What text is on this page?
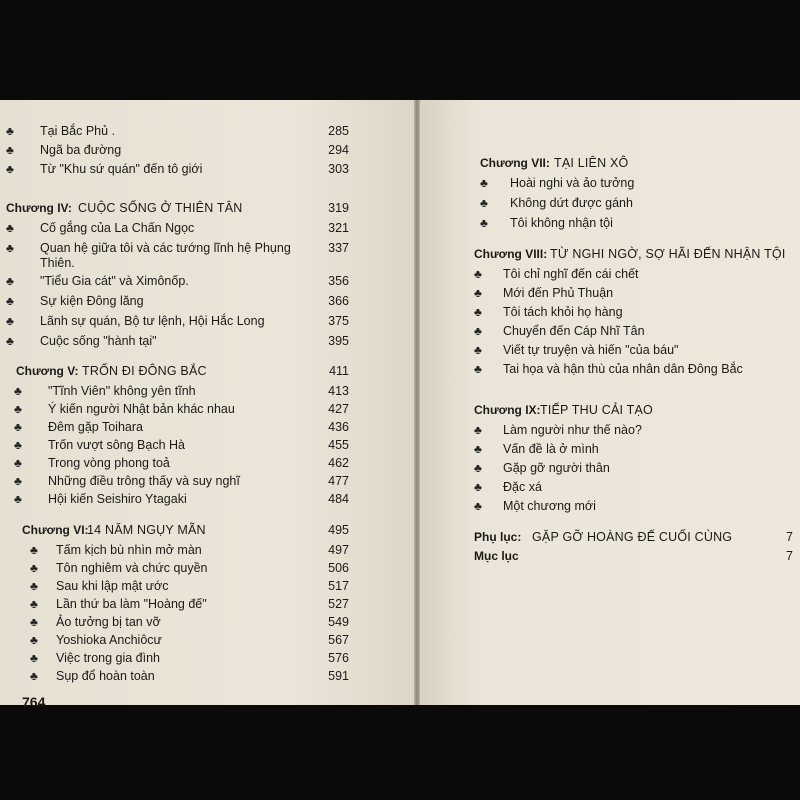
♣ Tại Bắc Phủ .	285
♣ Ngã ba đường	294
♣ Từ "Khu sứ quán" đến tô giới	303
Chương IV: CUỘC SỐNG Ở THIÊN TÂN	319
♣ Cố gắng của La Chấn Ngọc	321
♣ Quan hệ giữa tôi và các tướng lĩnh hệ Phụng	337
Thiên.
♣ "Tiểu Gia cát" và Ximônốp.	356
♣ Sự kiện Đông lăng	366
♣ Lãnh sự quán, Bộ tư lệnh, Hội Hắc Long	375
♣ Cuộc sống "hành tại"	395
Chương V: TRỐN ĐI ĐÔNG BẮC	411
♣ "Tĩnh Viên" không yên tĩnh	413
♣ Ý kiến người Nhật bản khác nhau	427
♣ Đêm gặp Toihara	436
♣ Trốn vượt sông Bạch Hà	455
♣ Trong vòng phong toả	462
♣ Những điều trông thấy và suy nghĩ	477
♣ Hội kiến Seishiro Ytagaki	484
Chương VI:
14 NĂM NGỤY MÃN	495
♣ Tấm kịch bù nhìn mở màn	497
♣ Tôn nghiêm và chức quyền	506
♣ Sau khi lập mật ước	517
♣ Lần thứ ba làm "Hoàng đế"	527
♣ Ảo tưởng bị tan vỡ	549
♣ Yoshioka Anchiôcư	567
♣ Việc trong gia đình	576
♣ Sụp đổ hoàn toàn	591
764
Chương VII: TẠI LIÊN XÔ
♣ Hoài nghi và ảo tưởng
♣ Không dứt được gánh
♣ Tôi không nhận tội
Chương VIII: TỪ NGHI NGỜ, SỢ HÃI ĐẾN NHẬN TỘI
♣ Tôi chỉ nghĩ đến cái chết
♣ Mới đến Phủ Thuận
♣ Tôi tách khỏi họ hàng
♣ Chuyển đến Cáp Nhĩ Tân
♣ Viết tự truyện và hiến "của báu"
♣ Tai họa và hận thù của nhân dân Đông Bắc
Chương IX: TIẾP THU CẢI TẠO
♣ Làm người như thế nào?
♣ Vấn đề là ở mình
♣ Gặp gỡ người thân
♣ Đặc xá
♣ Một chương mới
Phụ lục: GẶP GỠ HOÀNG ĐẾ CUỐI CÙNG	7
Mục lục	7
